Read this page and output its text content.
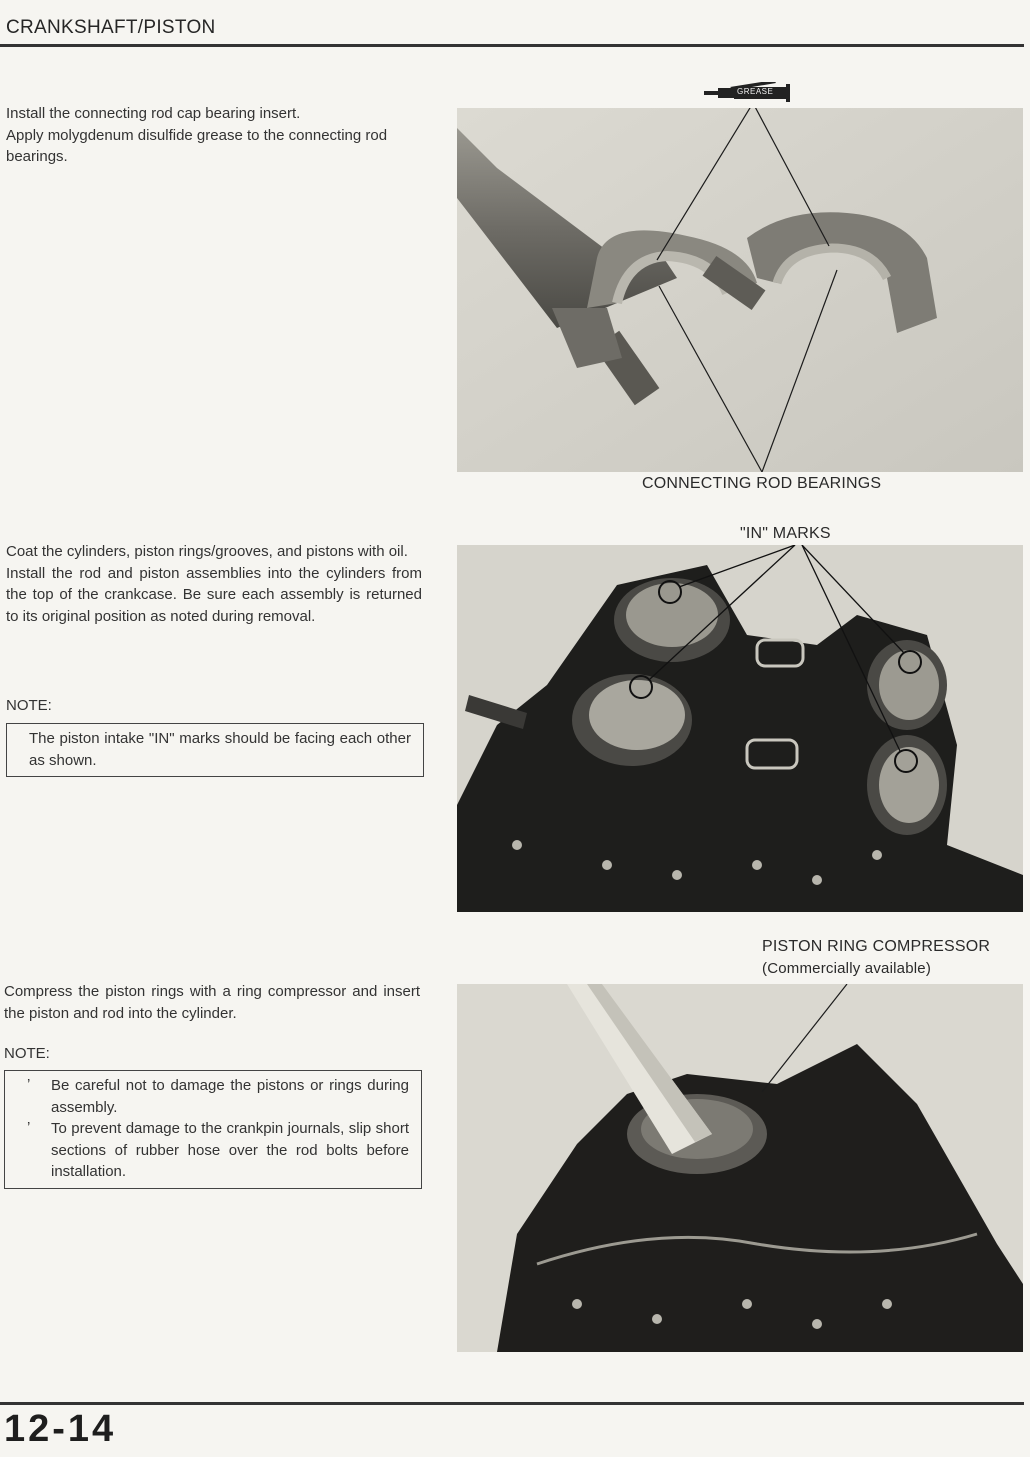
CRANKSHAFT/PISTON

Install the connecting rod cap bearing insert.

Apply molygdenum disulfide grease to the connecting rod bearings.

GREASE
CONNECTING ROD BEARINGS

Coat the cylinders, piston rings/grooves, and pistons with oil.

Install the rod and piston assemblies into the cylinders from the top of the crankcase. Be sure each assembly is returned to its original position as noted during removal.

NOTE:

The piston intake "IN" marks should be facing each other as shown.

"IN" MARKS

Compress the piston rings with a ring compressor and insert the piston and rod into the cylinder.

NOTE:
’ Be careful not to damage the pistons or rings during assembly.
’ To prevent damage to the crankpin journals, slip short sections of rubber hose over the rod bolts before installation.
PISTON RING COMPRESSOR
(Commercially available)
12-14
